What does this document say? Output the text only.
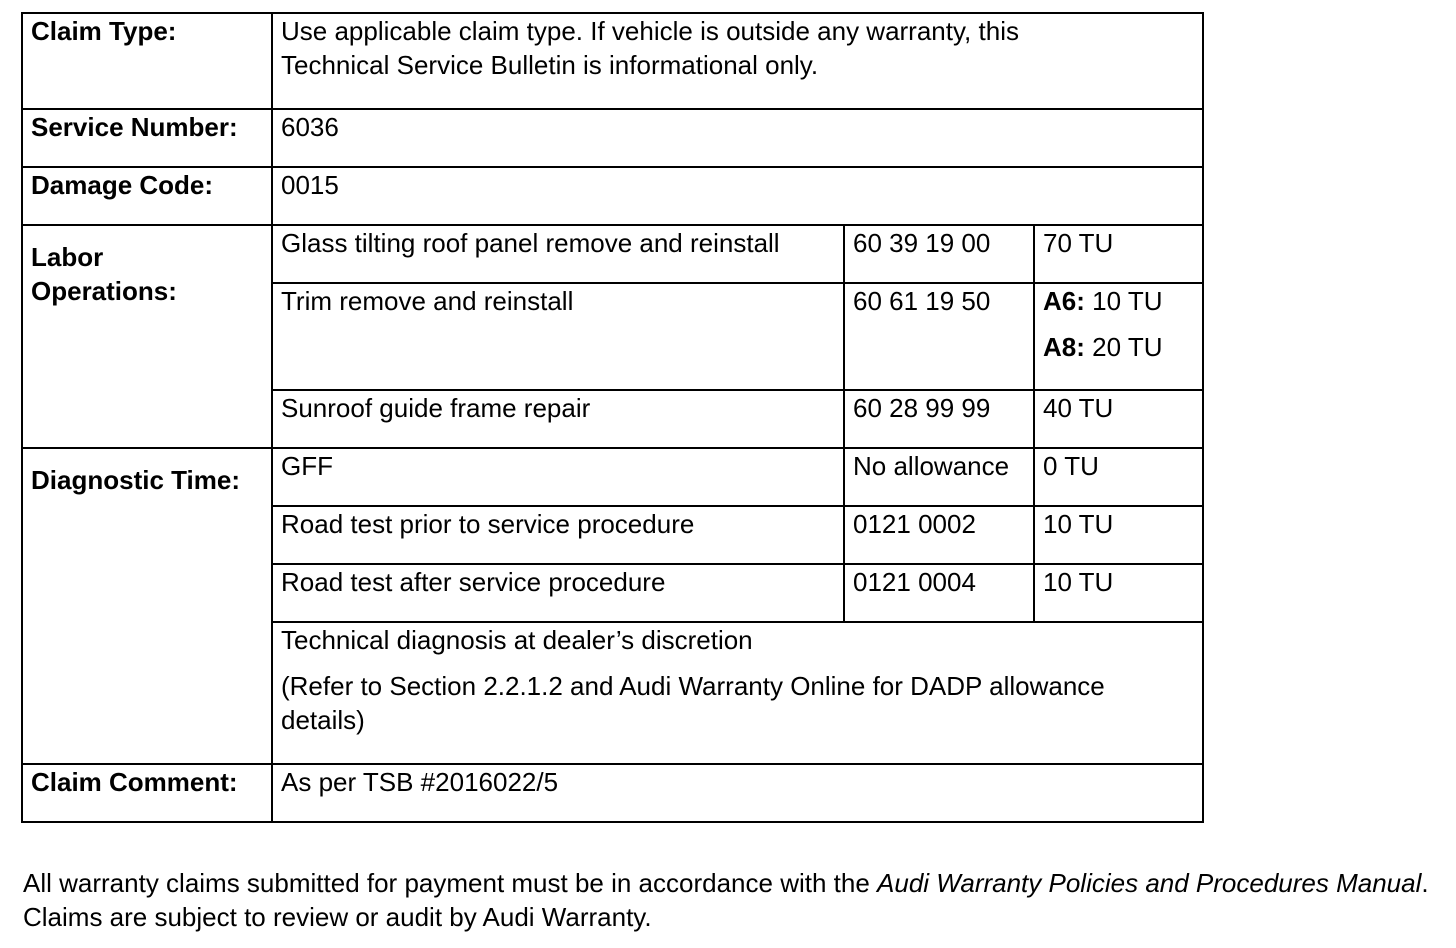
Claim Type:	Use applicable claim type. If vehicle is outside any warranty, this
Technical Service Bulletin is informational only.		

Service Number:	6036		
Damage Code:	0015		

Labor
Operations:	Glass tilting roof panel remove and reinstall	60 39 19 00	70 TU
	Trim remove and reinstall	60 61 19 50	A6: 10 TU
A8: 20 TU

	Sunroof guide frame repair	60 28 99 99	40 TU
Diagnostic Time:	GFF	No allowance	0 TU
	Road test prior to service procedure	0121 0002	10 TU
	Road test after service procedure	0121 0004	10 TU

	Technical diagnosis at dealer’s discretion
(Refer to Section 2.2.1.2 and Audi Warranty Online for DADP allowance details)		

Claim Comment:	As per TSB #2016022/5		
All warranty claims submitted for payment must be in accordance with the Audi Warranty Policies and Procedures Manual. Claims are subject to review or audit by Audi Warranty.
